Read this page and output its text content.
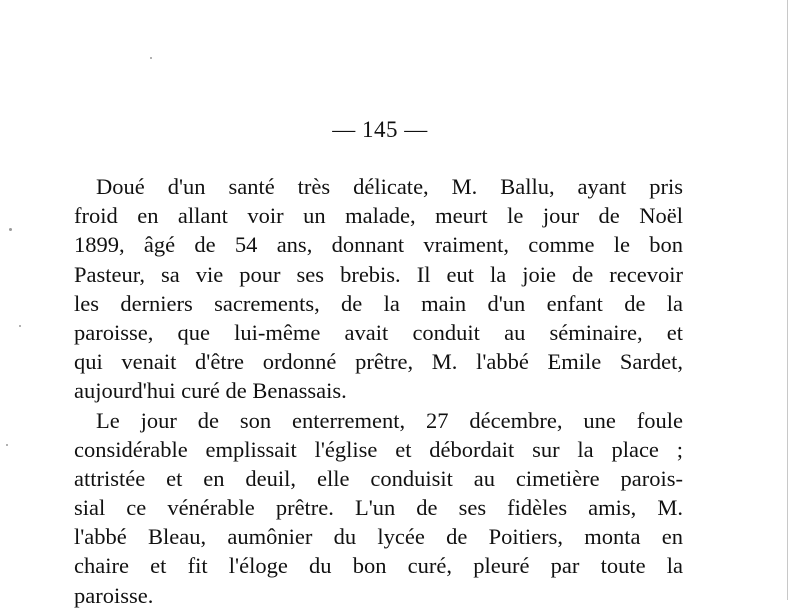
— 145 —
Doué d'un santé très délicate, M. Ballu, ayant pris
froid en allant voir un malade, meurt le jour de Noël
1899, âgé de 54 ans, donnant vraiment, comme le bon
Pasteur, sa vie pour ses brebis. Il eut la joie de recevoir
les derniers sacrements, de la main d'un enfant de la
paroisse, que lui-même avait conduit au séminaire, et
qui venait d'être ordonné prêtre, M. l'abbé Emile Sardet,
aujourd'hui curé de Benassais.
Le jour de son enterrement, 27 décembre, une foule
considérable emplissait l'église et débordait sur la place ;
attristée et en deuil, elle conduisit au cimetière parois-
sial ce vénérable prêtre. L'un de ses fidèles amis, M.
l'abbé Bleau, aumônier du lycée de Poitiers, monta en
chaire et fit l'éloge du bon curé, pleuré par toute la
paroisse.
